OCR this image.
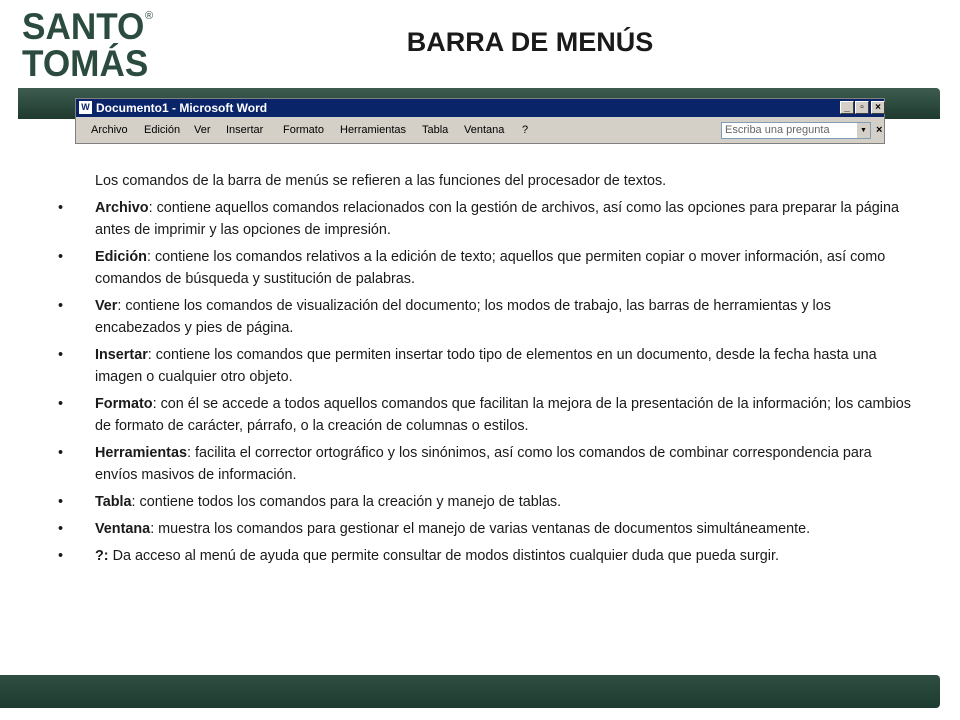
SANTO
TOMÁS
®
BARRA DE MENÚS
W Documento1 - Microsoft Word	_	▫	×
Archivo Edición Ver Insertar Formato Herramientas Tabla Ventana ?	Escriba una pregunta	▼ ×

Los comandos de la barra de menús se refieren a las funciones del procesador de textos.

• Archivo: contiene aquellos comandos relacionados con la gestión de archivos, así como las opciones para preparar la página antes de imprimir y las opciones de impresión.
• Edición: contiene los comandos relativos a la edición de texto; aquellos que permiten copiar o mover información, así como comandos de búsqueda y sustitución de palabras.
• Ver: contiene los comandos de visualización del documento; los modos de trabajo, las barras de herramientas y los encabezados y pies de página.
• Insertar: contiene los comandos que permiten insertar todo tipo de elementos en un documento, desde la fecha hasta una imagen o cualquier otro objeto.
• Formato: con él se accede a todos aquellos comandos que facilitan la mejora de la presentación de la información; los cambios de formato de carácter, párrafo, o la creación de columnas o estilos.
• Herramientas: facilita el corrector ortográfico y los sinónimos, así como los comandos de combinar correspondencia para envíos masivos de información.
• Tabla: contiene todos los comandos para la creación y manejo de tablas.
• Ventana: muestra los comandos para gestionar el manejo de varias ventanas de documentos simultáneamente.
• ?: Da acceso al menú de ayuda que permite consultar de modos distintos cualquier duda que pueda surgir.
